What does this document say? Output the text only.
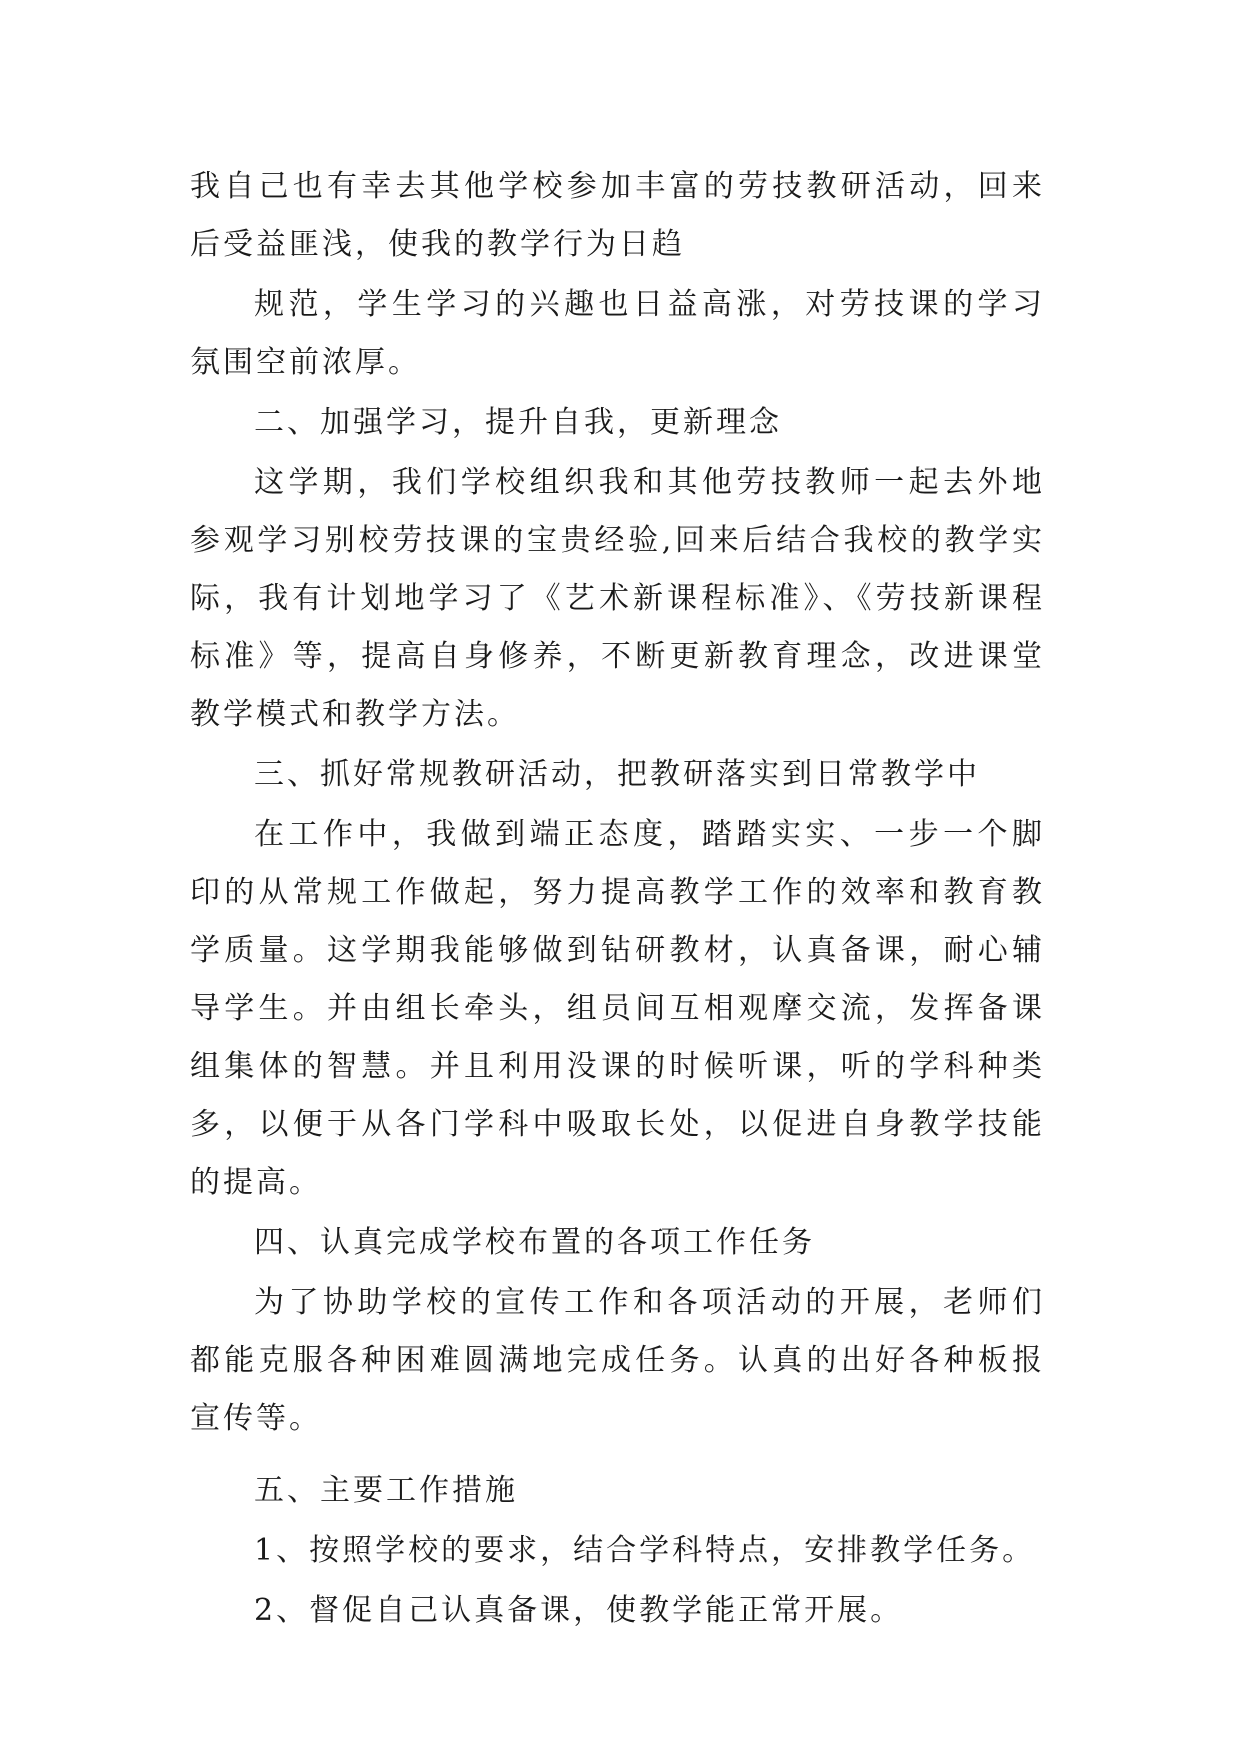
我自己也有幸去其他学校参加丰富的劳技教研活动，回来后受益匪浅，使我的教学行为日趋

规范，学生学习的兴趣也日益高涨，对劳技课的学习氛围空前浓厚。

二、加强学习，提升自我，更新理念

这学期，我们学校组织我和其他劳技教师一起去外地参观学习别校劳技课的宝贵经验,回来后结合我校的教学实际，我有计划地学习了《艺术新课程标准》、《劳技新课程标准》等，提高自身修养，不断更新教育理念，改进课堂教学模式和教学方法。

三、抓好常规教研活动，把教研落实到日常教学中

在工作中，我做到端正态度，踏踏实实、一步一个脚印的从常规工作做起，努力提高教学工作的效率和教育教学质量。这学期我能够做到钻研教材，认真备课，耐心辅导学生。并由组长牵头，组员间互相观摩交流，发挥备课组集体的智慧。并且利用没课的时候听课，听的学科种类多，以便于从各门学科中吸取长处，以促进自身教学技能的提高。

四、认真完成学校布置的各项工作任务

为了协助学校的宣传工作和各项活动的开展，老师们都能克服各种困难圆满地完成任务。认真的出好各种板报宣传等。

五、主要工作措施

1、按照学校的要求，结合学科特点，安排教学任务。

2、督促自己认真备课，使教学能正常开展。
